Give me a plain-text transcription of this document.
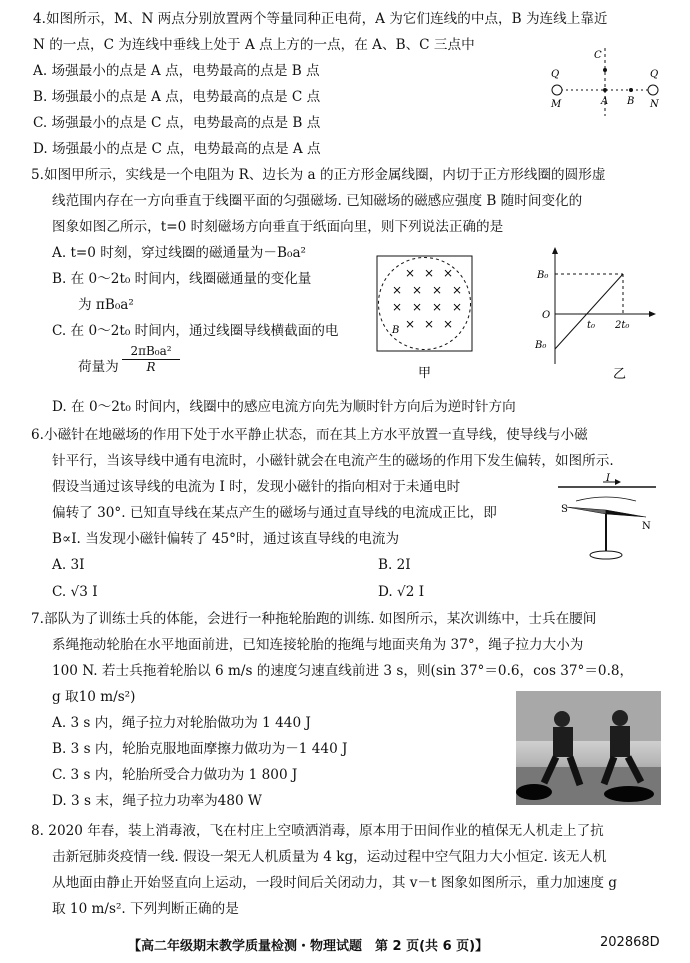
4.如图所示，M、N 两点分别放置两个等量同种正电荷，A 为它们连线的中点，B 为连线上靠近
N 的一点，C 为连线中垂线上处于 A 点上方的一点，在 A、B、C 三点中
A. 场强最小的点是 A 点，电势最高的点是 B 点
B. 场强最小的点是 A 点，电势最高的点是 C 点
C. 场强最小的点是 C 点，电势最高的点是 B 点
D. 场强最小的点是 C 点，电势最高的点是 A 点
Q	Q
M	N
A B
C
5.如图甲所示，实线是一个电阻为 R、边长为 a 的正方形金属线圈，内切于正方形线圈的圆形虚
线范围内存在一方向垂直于线圈平面的匀强磁场. 已知磁场的磁感应强度 B 随时间变化的
图象如图乙所示，t=0 时刻磁场方向垂直于纸面向里，则下列说法正确的是
A. t=0 时刻，穿过线圈的磁通量为－B₀a²
B. 在 0～2t₀ 时间内，线圈磁通量的变化量
为 πB₀a²
C. 在 0～2t₀ 时间内，通过线圈导线横截面的电
荷量为 $\frac{\text{2πB₀a²}}{R}$
D. 在 0～2t₀ 时间内，线圈中的感应电流方向先为顺时针方向后为逆时针方向
× × ×
× × × ×
× × × ×
× × ×
B
甲
B₀
B₀
O
t₀ 2t₀
乙
6.小磁针在地磁场的作用下处于水平静止状态，而在其上方水平放置一直导线，使导线与小磁
针平行，当该导线中通有电流时，小磁针就会在电流产生的磁场的作用下发生偏转，如图所示.
假设当通过该导线的电流为 I 时，发现小磁针的指向相对于未通电时
偏转了 30°. 已知直导线在某点产生的磁场与通过直导线的电流成正比，即
B∝I. 当发现小磁针偏转了 45°时，通过该直导线的电流为
A. 3I	B. 2I
C. √3 I	D. √2 I
I
S
N
7.部队为了训练士兵的体能，会进行一种拖轮胎跑的训练. 如图所示，某次训练中，士兵在腰间
系绳拖动轮胎在水平地面前进，已知连接轮胎的拖绳与地面夹角为 37°，绳子拉力大小为
100 N. 若士兵拖着轮胎以 6 m/s 的速度匀速直线前进 3 s，则(sin 37°＝0.6，cos 37°＝0.8，
g 取10 m/s²)
A. 3 s 内，绳子拉力对轮胎做功为 1 440 J
B. 3 s 内，轮胎克服地面摩擦力做功为－1 440 J
C. 3 s 内，轮胎所受合力做功为 1 800 J
D. 3 s 末，绳子拉力功率为480 W
8. 2020 年春，装上消毒液，飞在村庄上空喷洒消毒，原本用于田间作业的植保无人机走上了抗
击新冠肺炎疫情一线. 假设一架无人机质量为 4 kg，运动过程中空气阻力大小恒定. 该无人机
从地面由静止开始竖直向上运动，一段时间后关闭动力，其 v－t 图象如图所示，重力加速度 g
取 10 m/s². 下列判断正确的是
【高二年级期末教学质量检测・物理试题　第 2 页(共 6 页)】	202868D
